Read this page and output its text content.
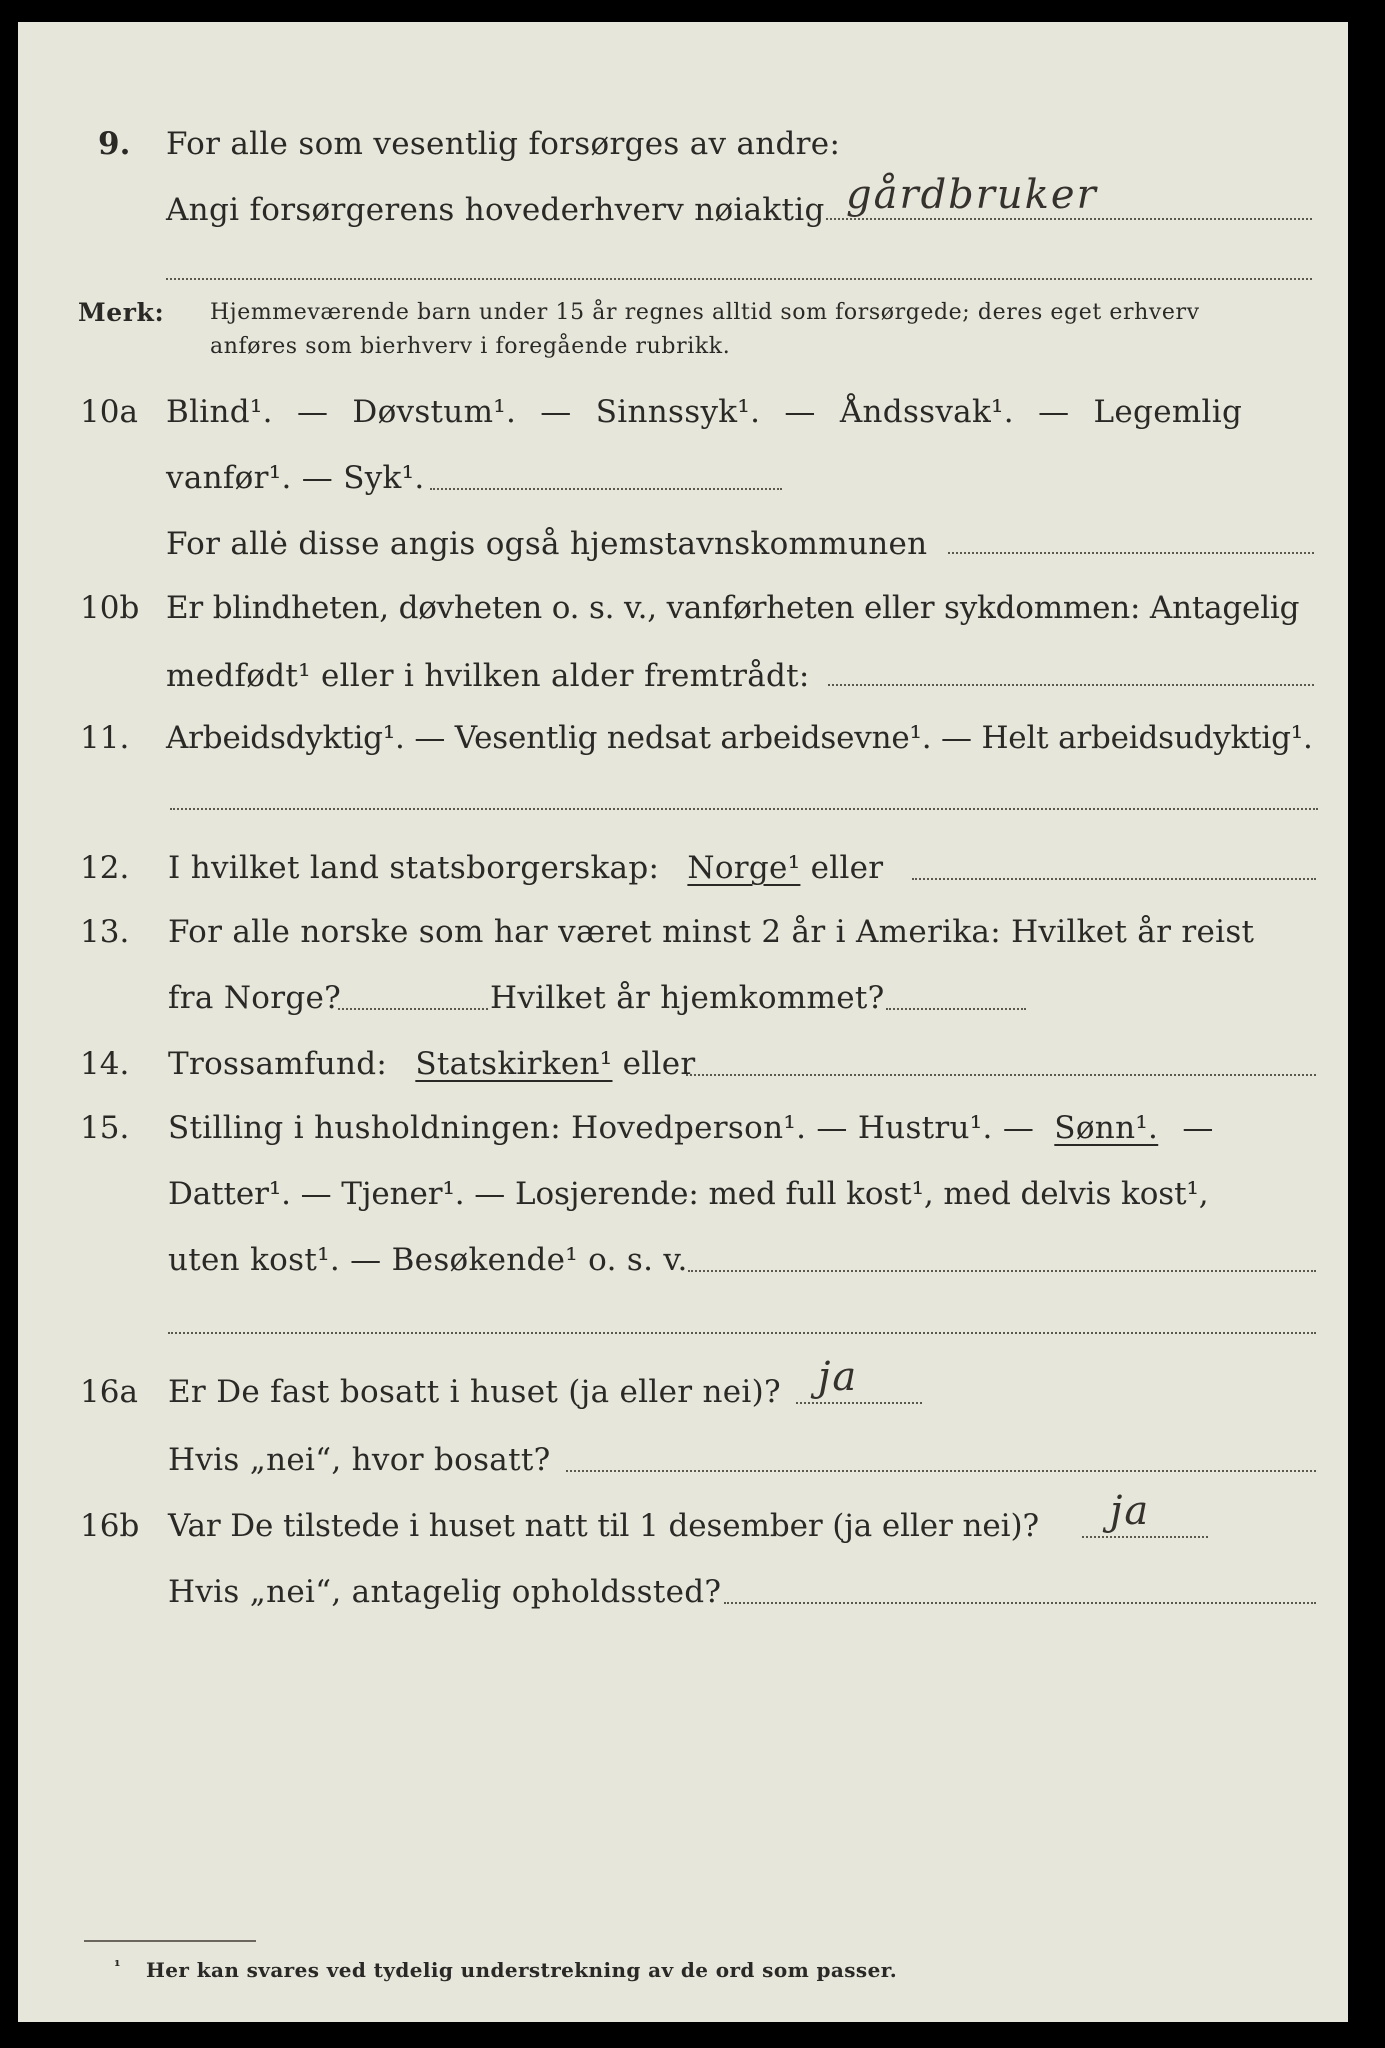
9. For alle som vesentlig forsørges av andre:
Angi forsørgerens hovederhverv nøiaktig gårdbruker
Merk: Hjemmeværende barn under 15 år regnes alltid som forsørgede; deres eget erhverv
anføres som bierhverv i foregående rubrikk.
10a Blind¹. — Døvstum¹. — Sinnssyk¹. — Åndssvak¹. — Legemlig
vanfør¹. — Syk¹.
For allė disse angis også hjemstavnskommunen
10b Er blindheten, døvheten o. s. v., vanførheten eller sykdommen: Antagelig
medfødt¹ eller i hvilken alder fremtrådt:
11. Arbeidsdyktig¹. — Vesentlig nedsat arbeidsevne¹. — Helt arbeidsudyktig¹.
12. I hvilket land statsborgerskap: Norge¹ eller
13. For alle norske som har været minst 2 år i Amerika: Hvilket år reist
fra Norge?	Hvilket år hjemkommet?
14. Trossamfund: Statskirken¹ eller
15. Stilling i husholdningen: Hovedperson¹. — Hustru¹. — Sønn¹. —
Datter¹. — Tjener¹. — Losjerende: med full kost¹, med delvis kost¹,
uten kost¹. — Besøkende¹ o. s. v.
16a Er De fast bosatt i huset (ja eller nei)? ja
Hvis „nei“, hvor bosatt?
16b Var De tilstede i huset natt til 1 desember (ja eller nei)? ja
Hvis „nei“, antagelig opholdssted?
¹ Her kan svares ved tydelig understrekning av de ord som passer.
